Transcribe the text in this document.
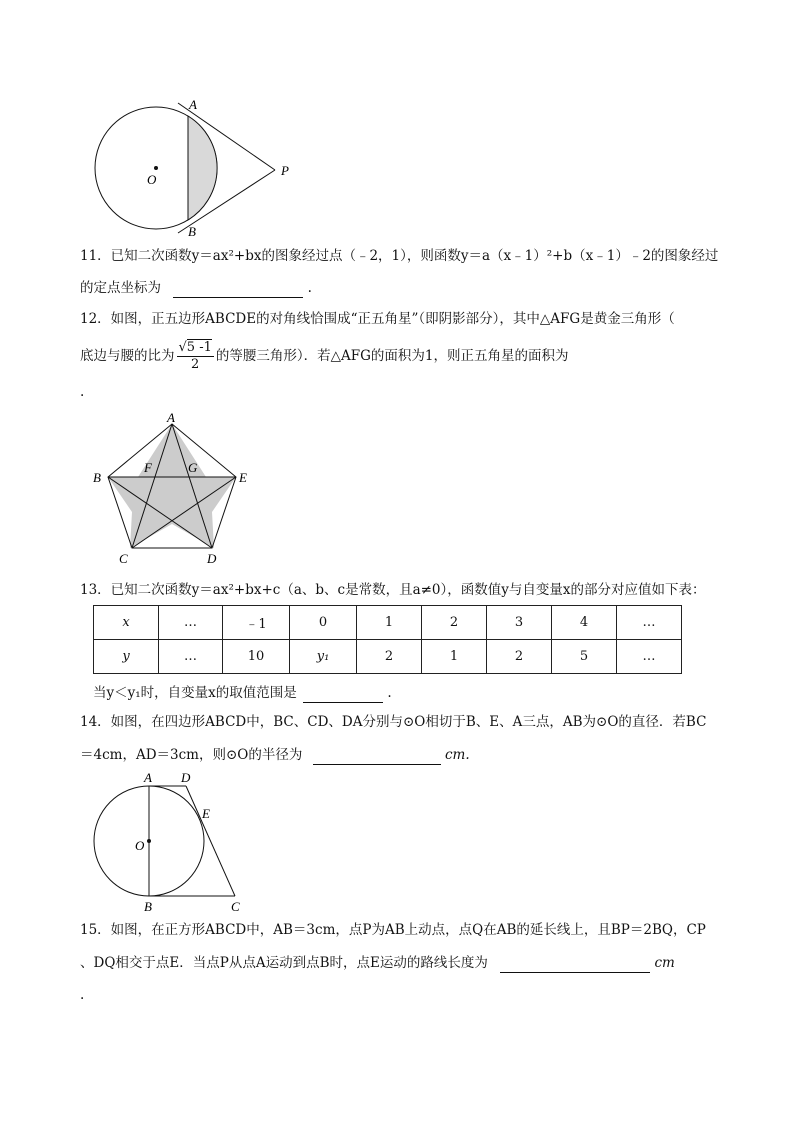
A
B
O
P
11．已知二次函数y＝ax²+bx的图象经过点（﹣2，1），则函数y＝a（x﹣1）²+b（x﹣1）﹣2的图象经过
的定点坐标为	.
12．如图，正五边形ABCDE的对角线恰围成“正五角星”（即阴影部分），其中△AFG是黄金三角形（
底边与腰的比为 $\frac{√5 -1}{2}$ 的等腰三角形）．若△AFG的面积为1，则正五角星的面积为
.
A
B
C	D
E
F	G
13．已知二次函数y＝ax²+bx+c（a、b、c是常数，且a≠0），函数值y与自变量x的部分对应值如下表：
x	…	﹣1	0	1	2	3	4	…
y	…	10	y₁	2	1	2	5	…
当y＜y₁时，自变量x的取值范围是	.
14．如图，在四边形ABCD中，BC、CD、DA分别与⊙O相切于B、E、A三点，AB为⊙O的直径．若BC
＝4cm，AD＝3cm，则⊙O的半径为	cm.
A D
E
O
B	C
15．如图，在正方形ABCD中，AB＝3cm，点P为AB上动点，点Q在AB的延长线上，且BP＝2BQ，CP
、DQ相交于点E．当点P从点A运动到点B时，点E运动的路线长度为	cm
.
